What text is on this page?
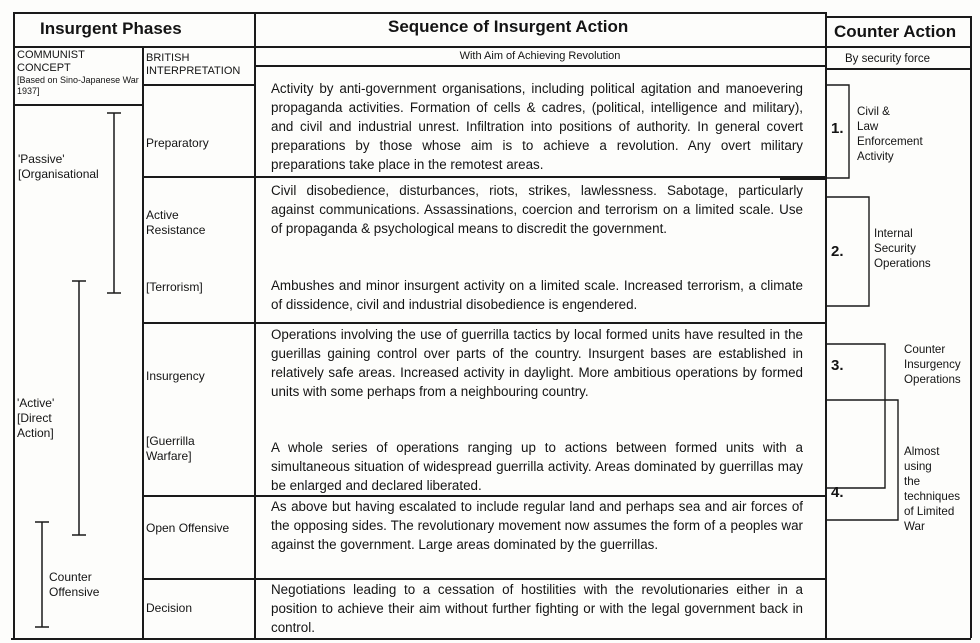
Insurgent Phases	Sequence of Insurgent Action
With Aim of Achieving Revolution
Counter Action
By security force
COMMUNIST CONCEPT
[Based on Sino-Japanese War 1937]
BRITISH INTERPRETATION
'Passive'
[Organisational
'Active'
[Direct
Action]
Counter
Offensive
Preparatory
Active Resistance
[Terrorism]
Insurgency
[Guerrilla Warfare]
Open Offensive
Decision
Activity by anti-government organisations, including political agitation and manoevering propaganda activities. Formation of cells & cadres, (political, intelligence and military), and civil and industrial unrest. Infiltration into positions of authority. In general covert preparations by those whose aim is to achieve a revolution. Any overt military preparations take place in the remotest areas.
Civil disobedience, disturbances, riots, strikes, lawlessness. Sabotage, particularly against communications. Assassinations, coercion and terrorism on a limited scale. Use of propaganda & psychological means to discredit the government.
Ambushes and minor insurgent activity on a limited scale. Increased terrorism, a climate of dissidence, civil and industrial disobedience is engendered.
Operations involving the use of guerrilla tactics by local formed units have resulted in the guerillas gaining control over parts of the country. Insurgent bases are established in relatively safe areas. Increased activity in daylight. More ambitious operations by formed units with some perhaps from a neighbouring country.
A whole series of operations ranging up to actions between formed units with a simultaneous situation of widespread guerrilla activity. Areas dominated by guerrillas may be enlarged and declared liberated.
As above but having escalated to include regular land and perhaps sea and air forces of the opposing sides. The revolutionary movement now assumes the form of a peoples war against the government. Large areas dominated by the guerrillas.
Negotiations leading to a cessation of hostilities with the revolutionaries either in a position to achieve their aim without further fighting or with the legal government back in control.
1.
Civil &
Law
Enforcement
Activity
2.
Internal
Security
Operations
3.
Counter
Insurgency
Operations
4.
Almost
using
the
techniques
of Limited
War
